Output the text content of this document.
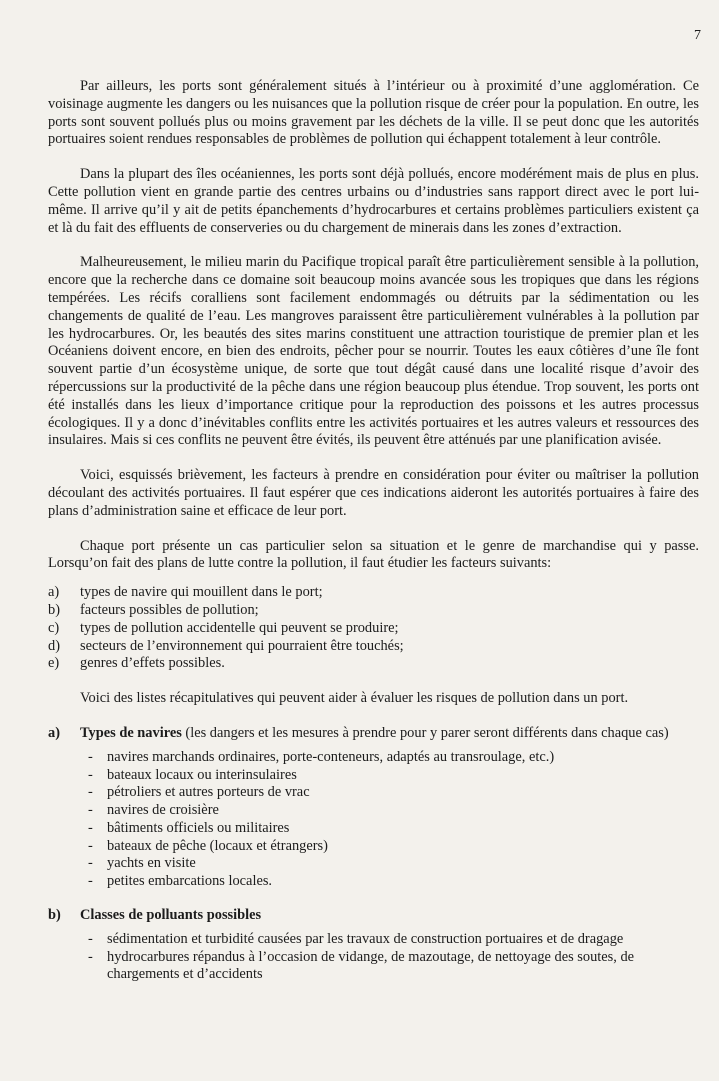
7

Par ailleurs, les ports sont généralement situés à l’intérieur ou à proximité d’une agglomération. Ce voisinage augmente les dangers ou les nuisances que la pollution risque de créer pour la population. En outre, les ports sont souvent pollués plus ou moins gravement par les déchets de la ville. Il se peut donc que les autorités portuaires soient rendues responsables de problèmes de pollution qui échappent totalement à leur contrôle.

Dans la plupart des îles océaniennes, les ports sont déjà pollués, encore modérément mais de plus en plus. Cette pollution vient en grande partie des centres urbains ou d’industries sans rapport direct avec le port lui-même. Il arrive qu’il y ait de petits épanchements d’hydrocarbures et certains problèmes particuliers existent ça et là du fait des effluents de conserveries ou du chargement de minerais dans les zones d’extraction.

Malheureusement, le milieu marin du Pacifique tropical paraît être particulièrement sensible à la pollution, encore que la recherche dans ce domaine soit beaucoup moins avancée sous les tropiques que dans les régions tempérées. Les récifs coralliens sont facilement endommagés ou détruits par la sédimentation ou les changements de qualité de l’eau. Les mangroves paraissent être particulièrement vulnérables à la pollution par les hydrocarbures. Or, les beautés des sites marins constituent une attraction touristique de premier plan et les Océaniens doivent encore, en bien des endroits, pêcher pour se nourrir. Toutes les eaux côtières d’une île font souvent partie d’un écosystème unique, de sorte que tout dégât causé dans une localité risque d’avoir des répercussions sur la productivité de la pêche dans une région beaucoup plus étendue. Trop souvent, les ports ont été installés dans les lieux d’importance critique pour la reproduction des poissons et les autres processus écologiques. Il y a donc d’inévitables conflits entre les activités portuaires et les autres valeurs et ressources des insulaires. Mais si ces conflits ne peuvent être évités, ils peuvent être atténués par une planification avisée.

Voici, esquissés brièvement, les facteurs à prendre en considération pour éviter ou maîtriser la pollution découlant des activités portuaires. Il faut espérer que ces indications aideront les autorités portuaires à faire des plans d’administration saine et efficace de leur port.

Chaque port présente un cas particulier selon sa situation et le genre de marchandise qui y passe. Lorsqu’on fait des plans de lutte contre la pollution, il faut étudier les facteurs suivants:

a)	types de navire qui mouillent dans le port;
b)	facteurs possibles de pollution;
c)	types de pollution accidentelle qui peuvent se produire;
d)	secteurs de l’environnement qui pourraient être touchés;
e)	genres d’effets possibles.

Voici des listes récapitulatives qui peuvent aider à évaluer les risques de pollution dans un port.

a)	Types de navires (les dangers et les mesures à prendre pour y parer seront différents dans chaque cas)
- navires marchands ordinaires, porte-conteneurs, adaptés au transroulage, etc.)
- bateaux locaux ou interinsulaires
- pétroliers et autres porteurs de vrac
- navires de croisière
- bâtiments officiels ou militaires
- bateaux de pêche (locaux et étrangers)
- yachts en visite
- petites embarcations locales.
b)	Classes de polluants possibles
- sédimentation et turbidité causées par les travaux de construction portuaires et de dragage
- hydrocarbures répandus à l’occasion de vidange, de mazoutage, de nettoyage des soutes, de chargements et d’accidents
